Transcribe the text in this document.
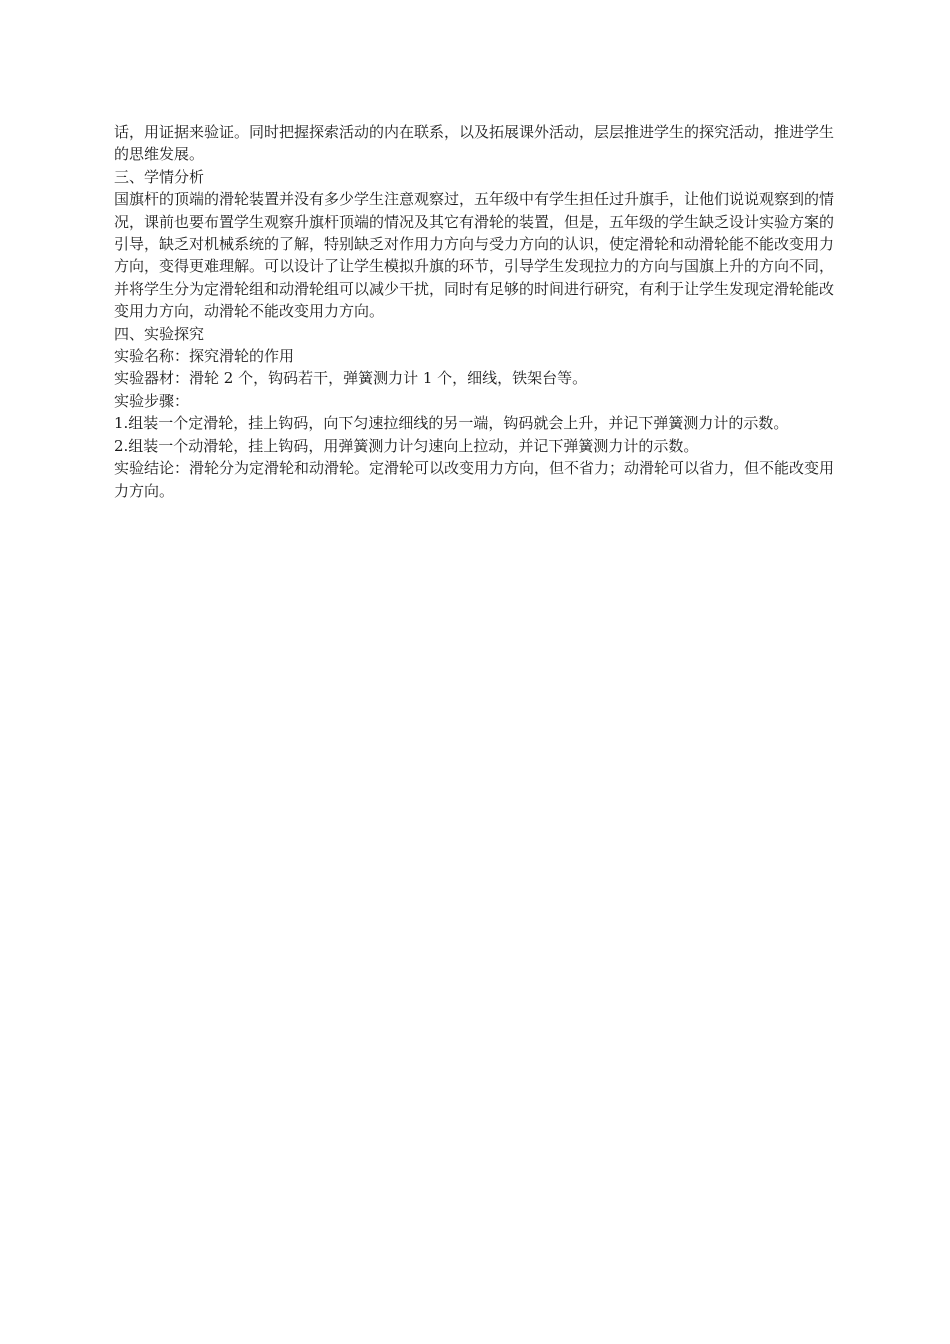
话，用证据来验证。同时把握探索活动的内在联系，以及拓展课外活动，层层推进学生的探究活动，推进学生的思维发展。

三、学情分析

国旗杆的顶端的滑轮装置并没有多少学生注意观察过，五年级中有学生担任过升旗手，让他们说说观察到的情况，课前也要布置学生观察升旗杆顶端的情况及其它有滑轮的装置，但是，五年级的学生缺乏设计实验方案的引导，缺乏对机械系统的了解，特别缺乏对作用力方向与受力方向的认识，使定滑轮和动滑轮能不能改变用力方向，变得更难理解。可以设计了让学生模拟升旗的环节，引导学生发现拉力的方向与国旗上升的方向不同，并将学生分为定滑轮组和动滑轮组可以减少干扰，同时有足够的时间进行研究，有利于让学生发现定滑轮能改变用力方向，动滑轮不能改变用力方向。

四、实验探究

实验名称：探究滑轮的作用

实验器材：滑轮 2 个，钩码若干，弹簧测力计 1 个，细线，铁架台等。

实验步骤：

1.组装一个定滑轮，挂上钩码，向下匀速拉细线的另一端，钩码就会上升，并记下弹簧测力计的示数。

2.组装一个动滑轮，挂上钩码，用弹簧测力计匀速向上拉动，并记下弹簧测力计的示数。

实验结论：滑轮分为定滑轮和动滑轮。定滑轮可以改变用力方向，但不省力；动滑轮可以省力，但不能改变用力方向。
